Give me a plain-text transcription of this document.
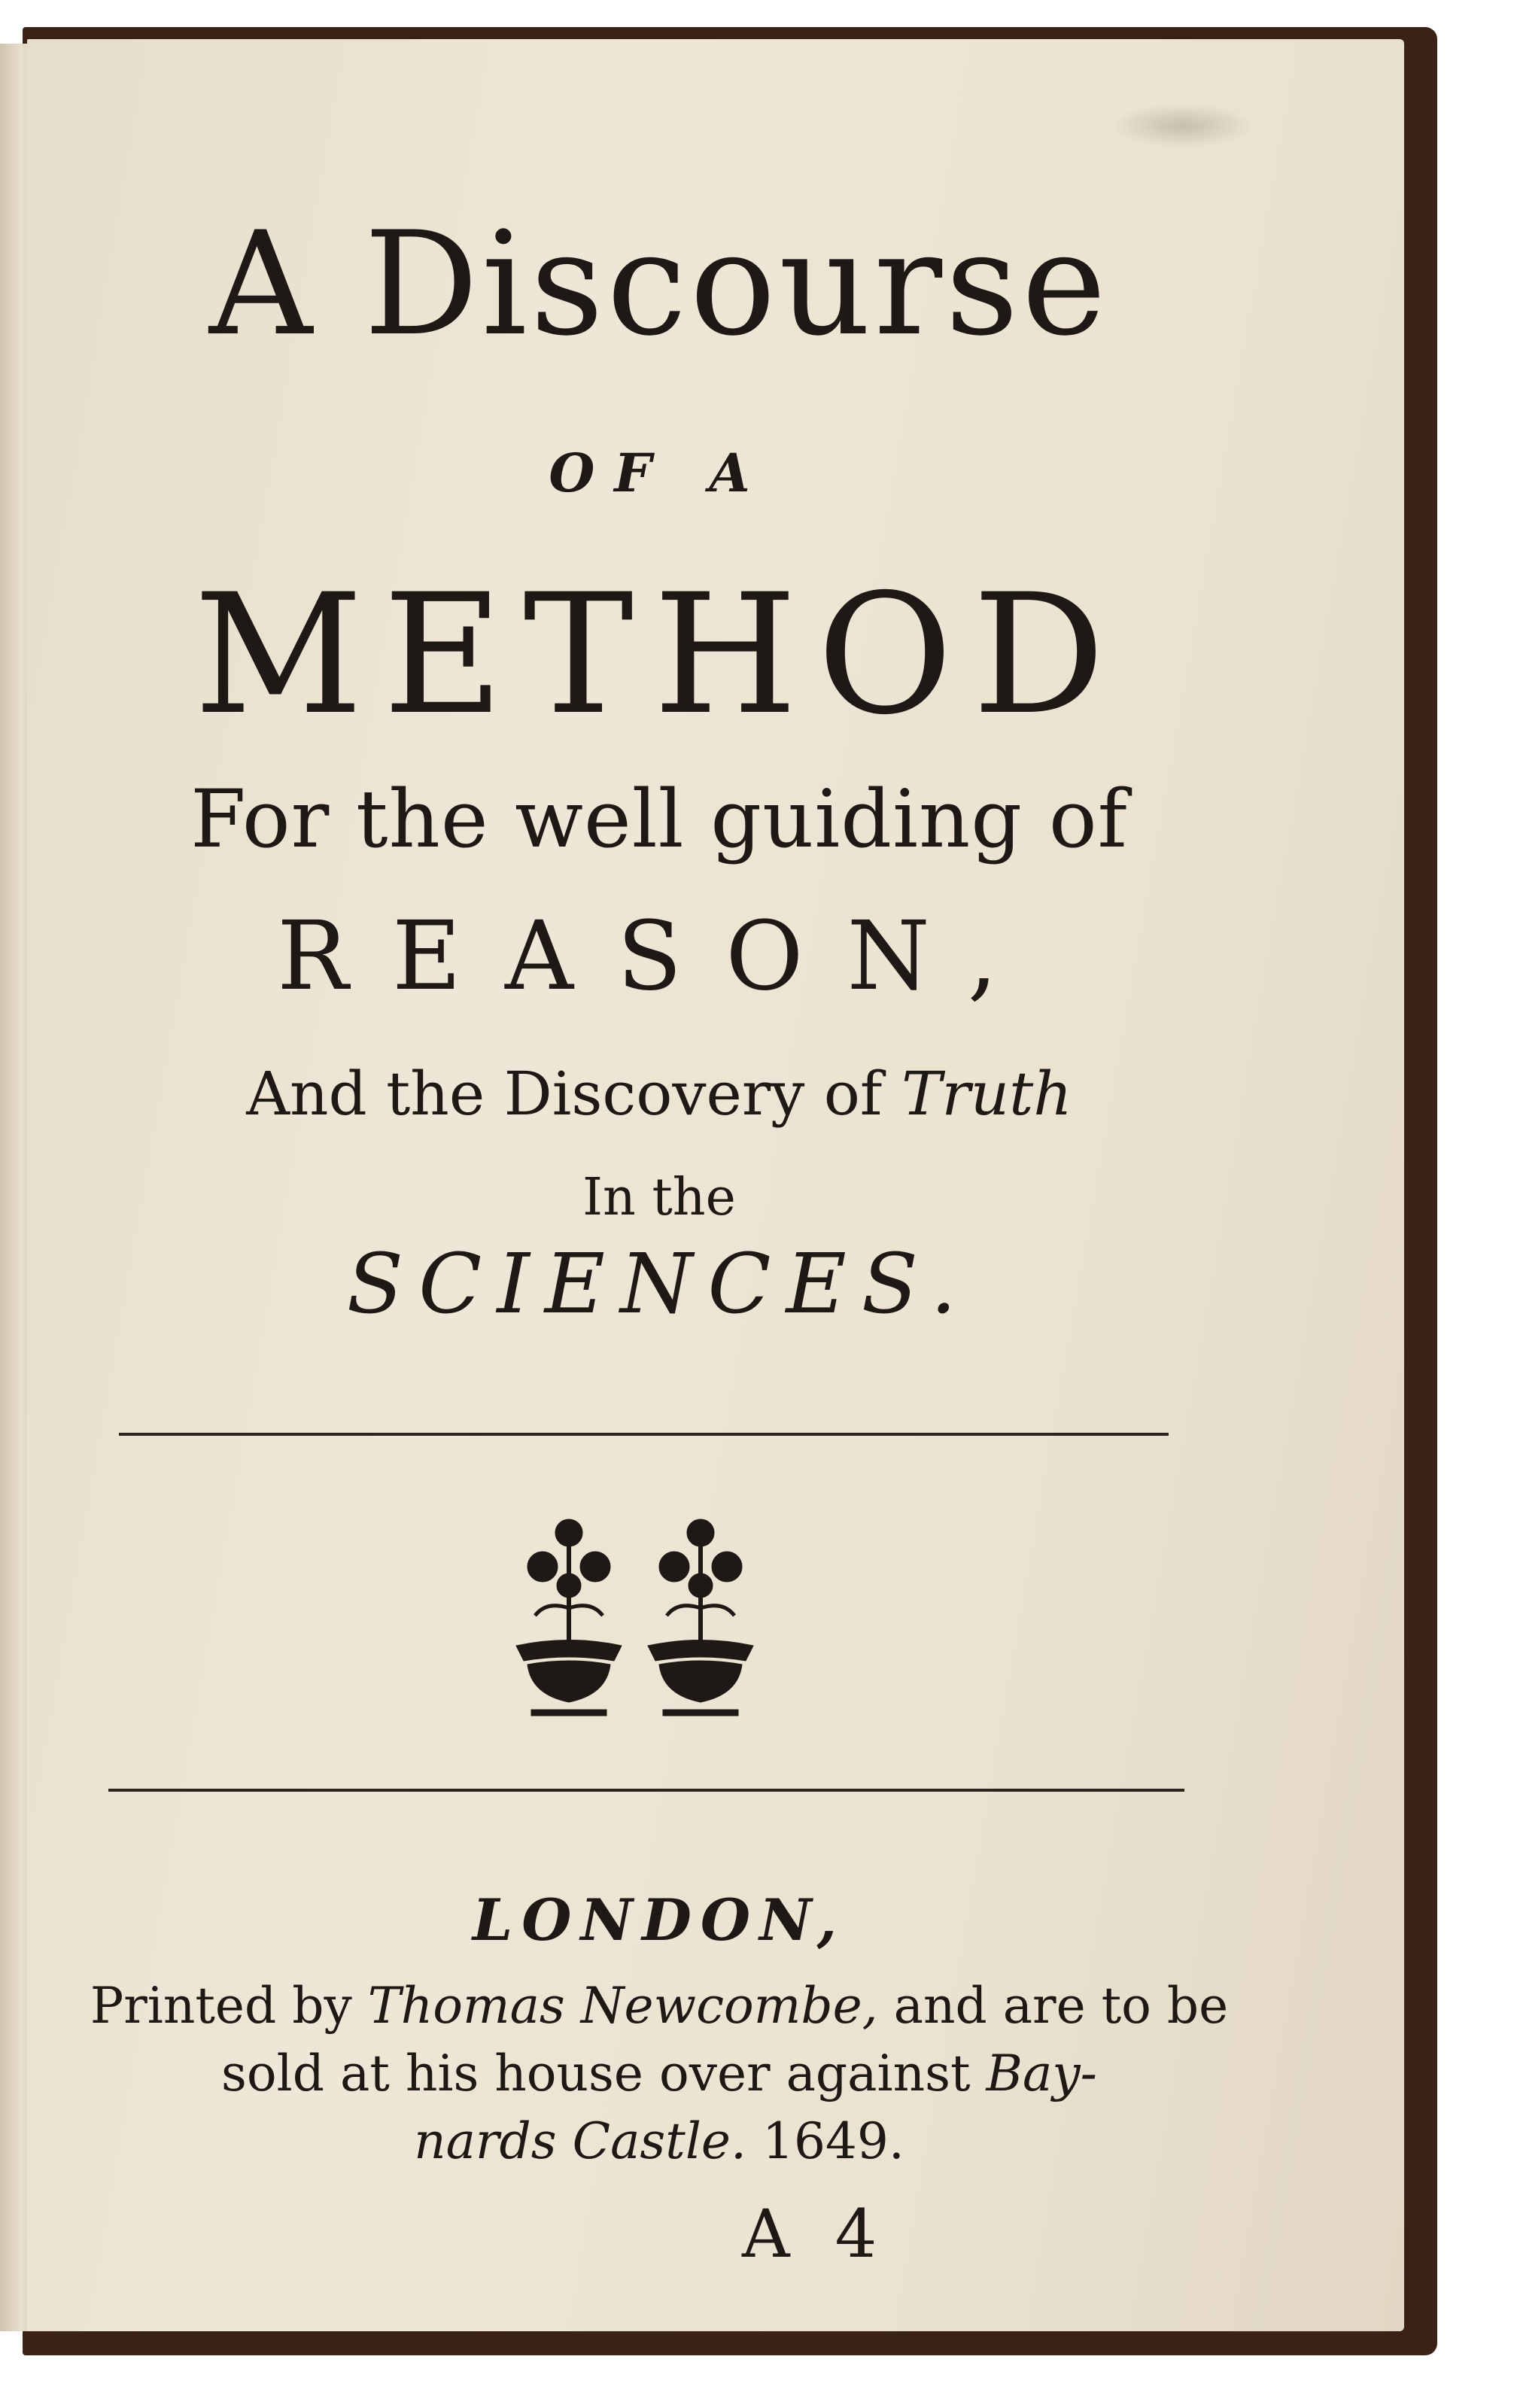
A Discourse
OF A
METHOD
For the well guiding of
REASON,
And the Discovery of Truth
In the
SCIENCES.
LONDON,
Printed by Thomas Newcombe, and are to be
sold at his house over against Bay-
nards Castle. 1649.
A 4
